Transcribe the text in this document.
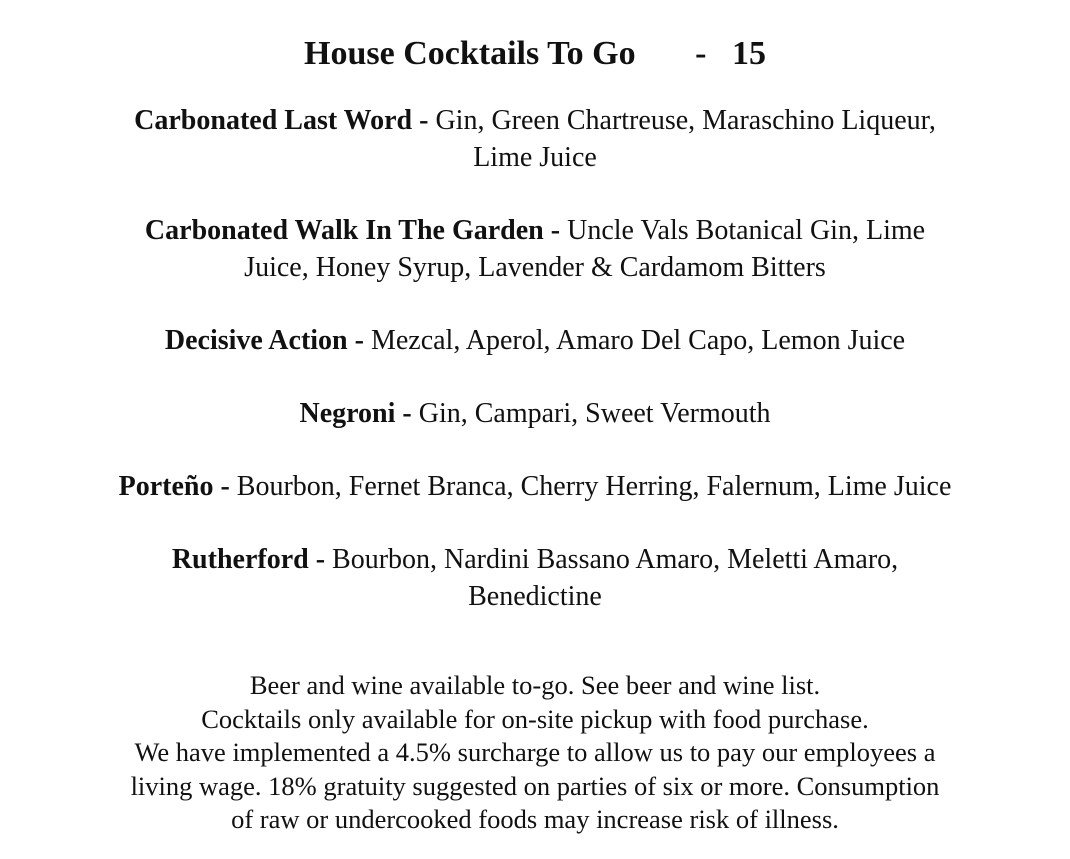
House Cocktails To Go - 15
Carbonated Last Word - Gin, Green Chartreuse, Maraschino Liqueur,
Lime Juice
Carbonated Walk In The Garden - Uncle Vals Botanical Gin, Lime
Juice, Honey Syrup, Lavender & Cardamom Bitters
Decisive Action - Mezcal, Aperol, Amaro Del Capo, Lemon Juice
Negroni - Gin, Campari, Sweet Vermouth
Porteño - Bourbon, Fernet Branca, Cherry Herring, Falernum, Lime Juice
Rutherford - Bourbon, Nardini Bassano Amaro, Meletti Amaro,
Benedictine
Beer and wine available to-go. See beer and wine list.
Cocktails only available for on-site pickup with food purchase.
We have implemented a 4.5% surcharge to allow us to pay our employees a
living wage. 18% gratuity suggested on parties of six or more. Consumption
of raw or undercooked foods may increase risk of illness.
